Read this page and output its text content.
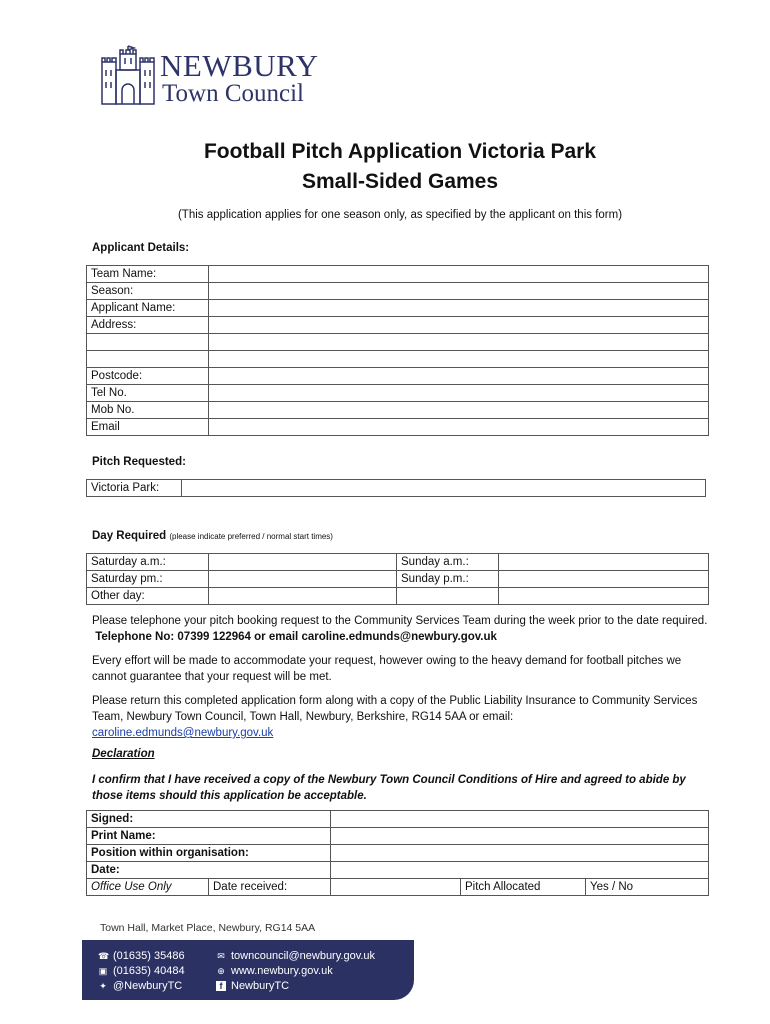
NEWBURY
Town Council
Football Pitch Application Victoria Park
Small-Sided Games
(This application applies for one season only, as specified by the applicant on this form)
Applicant Details:
Team Name:	
Season:	
Applicant Name:	
Address:	

Postcode:	
Tel No.	
Mob No.	
Email	
Pitch Requested:
Victoria Park:	
Day Required (please indicate preferred / normal start times)
Saturday a.m.:		Sunday a.m.:	
Saturday pm.:		Sunday p.m.:	
Other day:			
Please telephone your pitch booking request to the Community Services Team during the week prior to the date required.  Telephone No: 07399 122964 or email caroline.edmunds@newbury.gov.uk
Every effort will be made to accommodate your request, however owing to the heavy demand for football pitches we cannot guarantee that your request will be met.
Please return this completed application form along with a copy of the Public Liability Insurance to Community Services Team, Newbury Town Council, Town Hall, Newbury, Berkshire, RG14 5AA or email:
caroline.edmunds@newbury.gov.uk
Declaration
I confirm that I have received a copy of the Newbury Town Council Conditions of Hire and agreed to abide by those items should this application be acceptable.
Signed:				
Print Name:				
Position within organisation:				
Date:				
Office Use Only	Date received:		Pitch Allocated	Yes / No
Town Hall, Market Place, Newbury, RG14 5AA
☎ (01635) 35486
▣ (01635) 40484
✦ @NewburyTC
✉ towncouncil@newbury.gov.uk
⊕ www.newbury.gov.uk
f NewburyTC
